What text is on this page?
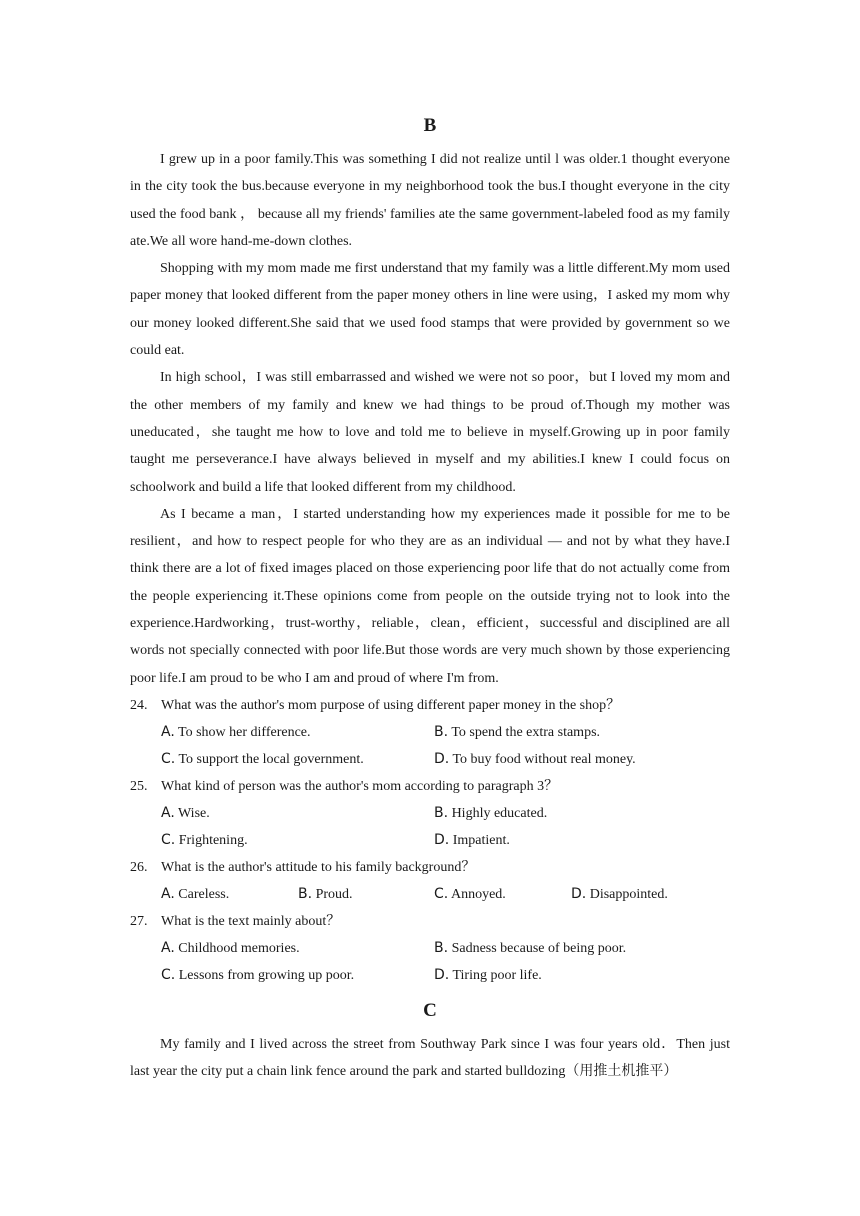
B

I grew up in a poor family.This was something I did not realize until l was older.1 thought everyone in the city took the bus.because everyone in my neighborhood took the bus.I thought everyone in the city used the food bank ， because all my friends' families ate the same government-labeled food as my family ate.We all wore hand-me-down clothes.

Shopping with my mom made me first understand that my family was a little different.My mom used paper money that looked different from the paper money others in line were using，I asked my mom why our money looked different.She said that we used food stamps that were provided by government so we could eat.

In high school，I was still embarrassed and wished we were not so poor，but I loved my mom and the other members of my family and knew we had things to be proud of.Though my mother was uneducated，she taught me how to love and told me to believe in myself.Growing up in poor family taught me perseverance.I have always believed in myself and my abilities.I knew I could focus on schoolwork and build a life that looked different from my childhood.

As I became a man，I started understanding how my experiences made it possible for me to be resilient，and how to respect people for who they are as an individual — and not by what they have.I think there are a lot of fixed images placed on those experiencing poor life that do not actually come from the people experiencing it.These opinions come from people on the outside trying not to look into the experience.Hardworking，trust-worthy，reliable，clean，efficient，successful and disciplined are all words not specially connected with poor life.But those words are very much shown by those experiencing poor life.I am proud to be who I am and proud of where I'm from.

24. What was the author's mom purpose of using different paper money in the shop？
A. To show her difference.	B. To spend the extra stamps.
C. To support the local government.	D. To buy food without real money.
25. What kind of person was the author's mom according to paragraph 3？
A. Wise.	B. Highly educated.
C. Frightening.	D. Impatient.
26. What is the author's attitude to his family background？
A. Careless.	B. Proud.	C. Annoyed.	D. Disappointed.
27. What is the text mainly about？
A. Childhood memories.	B. Sadness because of being poor.
C. Lessons from growing up poor.	D. Tiring poor life.
C

My family and I lived across the street from Southway Park since I was four years old．Then just last year the city put a chain link fence around the park and started bulldozing（用推土机推平）
